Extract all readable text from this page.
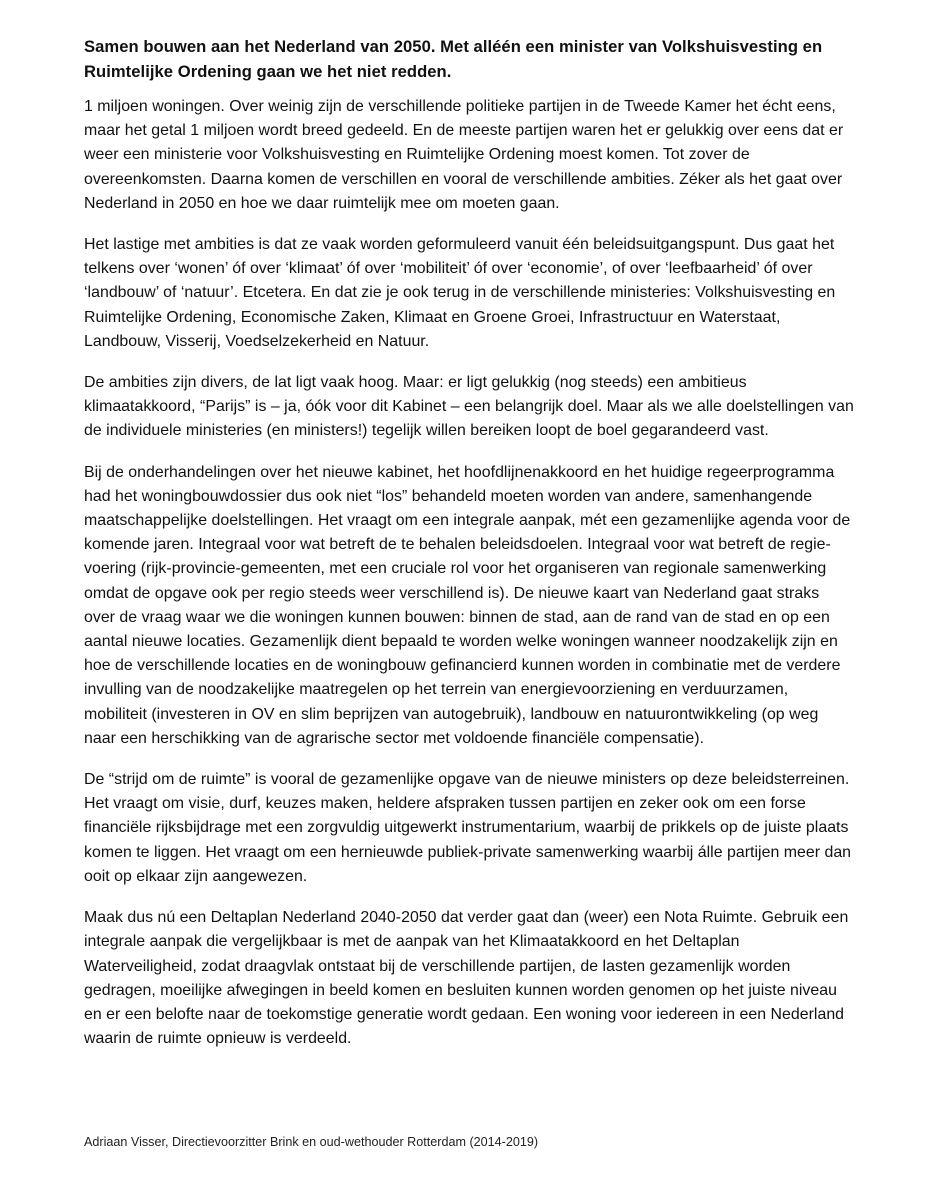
Samen bouwen aan het Nederland van 2050. Met alléén een minister van Volkshuisvesting en Ruimtelijke Ordening gaan we het niet redden.

1 miljoen woningen. Over weinig zijn de verschillende politieke partijen in de Tweede Kamer het écht eens, maar het getal 1 miljoen wordt breed gedeeld. En de meeste partijen waren het er gelukkig over eens dat er weer een ministerie voor Volkshuisvesting en Ruimtelijke Ordening moest komen. Tot zover de overeenkomsten. Daarna komen de verschillen en vooral de verschillende ambities. Zéker als het gaat over Nederland in 2050 en hoe we daar ruimtelijk mee om moeten gaan.

Het lastige met ambities is dat ze vaak worden geformuleerd vanuit één beleidsuitgangspunt. Dus gaat het telkens over ‘wonen’ óf over ‘klimaat’ óf over ‘mobiliteit’ óf over ‘economie’, of over ‘leefbaarheid’ óf over ‘landbouw’ of ‘natuur’. Etcetera. En dat zie je ook terug in de verschillende ministeries: Volkshuisvesting en Ruimtelijke Ordening, Economische Zaken, Klimaat en Groene Groei, Infrastructuur en Waterstaat, Landbouw, Visserij, Voedselzekerheid en Natuur.

De ambities zijn divers, de lat ligt vaak hoog. Maar: er ligt gelukkig (nog steeds) een ambitieus klimaatakkoord, “Parijs” is – ja, óók voor dit Kabinet – een belangrijk doel. Maar als we alle doelstellingen van de individuele ministeries (en ministers!) tegelijk willen bereiken loopt de boel gegarandeerd vast.

Bij de onderhandelingen over het nieuwe kabinet, het hoofdlijnenakkoord en het huidige regeerprogramma had het woningbouwdossier dus ook niet “los” behandeld moeten worden van andere, samenhangende maatschappelijke doelstellingen. Het vraagt om een integrale aanpak, mét een gezamenlijke agenda voor de komende jaren. Integraal voor wat betreft de te behalen beleidsdoelen. Integraal voor wat betreft de regie-voering (rijk-provincie-gemeenten, met een cruciale rol voor het organiseren van regionale samenwerking omdat de opgave ook per regio steeds weer verschillend is). De nieuwe kaart van Nederland gaat straks over de vraag waar we die woningen kunnen bouwen: binnen de stad, aan de rand van de stad en op een aantal nieuwe locaties. Gezamenlijk dient bepaald te worden welke woningen wanneer noodzakelijk zijn en hoe de verschillende locaties en de woningbouw gefinancierd kunnen worden in combinatie met de verdere invulling van de noodzakelijke maatregelen op het terrein van energievoorziening en verduurzamen, mobiliteit (investeren in OV en slim beprijzen van autogebruik), landbouw en natuurontwikkeling (op weg naar een herschikking van de agrarische sector met voldoende financiële compensatie).

De “strijd om de ruimte” is vooral de gezamenlijke opgave van de nieuwe ministers op deze beleidsterreinen. Het vraagt om visie, durf, keuzes maken, heldere afspraken tussen partijen en zeker ook om een forse financiële rijksbijdrage met een zorgvuldig uitgewerkt instrumentarium, waarbij de prikkels op de juiste plaats komen te liggen. Het vraagt om een hernieuwde publiek-private samenwerking waarbij álle partijen meer dan ooit op elkaar zijn aangewezen.

Maak dus nú een Deltaplan Nederland 2040-2050 dat verder gaat dan (weer) een Nota Ruimte. Gebruik een integrale aanpak die vergelijkbaar is met de aanpak van het Klimaatakkoord en het Deltaplan Waterveiligheid, zodat draagvlak ontstaat bij de verschillende partijen, de lasten gezamenlijk worden gedragen, moeilijke afwegingen in beeld komen en besluiten kunnen worden genomen op het juiste niveau en er een belofte naar de toekomstige generatie wordt gedaan. Een woning voor iedereen in een Nederland waarin de ruimte opnieuw is verdeeld.

Adriaan Visser, Directievoorzitter Brink en oud-wethouder Rotterdam (2014-2019)
